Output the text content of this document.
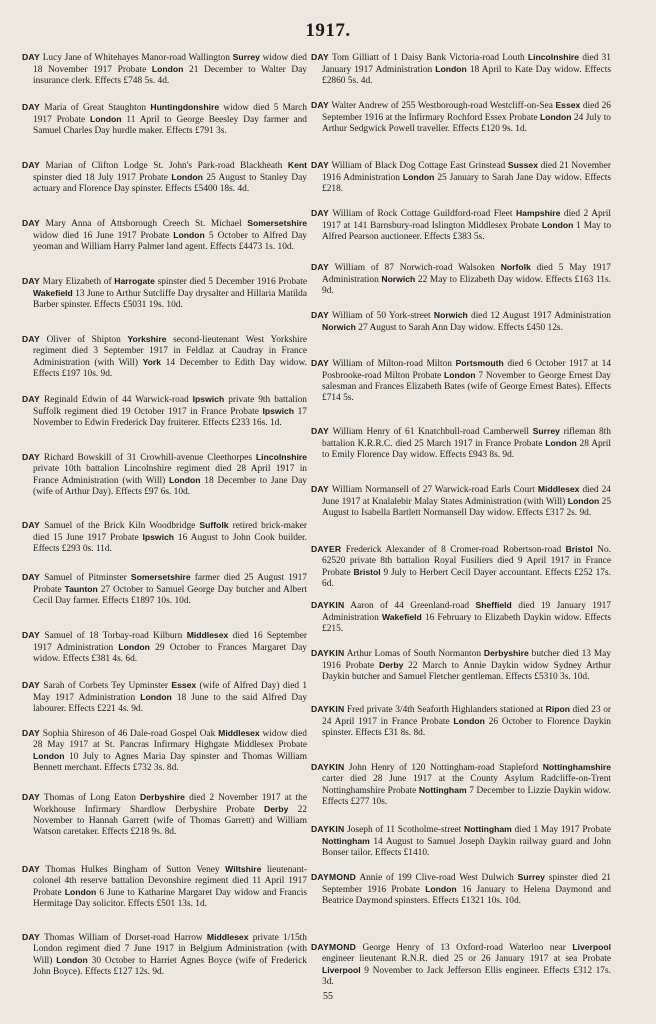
1917.
DAY Lucy Jane of Whitehayes Manor-road Wallington Surrey widow died 18 November 1917 Probate London 21 December to Walter Day insurance clerk. Effects £748 5s. 4d.
DAY Maria of Great Staughton Huntingdonshire widow died 5 March 1917 Probate London 11 April to George Beesley Day farmer and Samuel Charles Day hurdle maker. Effects £791 3s.
DAY Marian of Clifton Lodge St. John's Park-road Blackheath Kent spinster died 18 July 1917 Probate London 25 August to Stanley Day actuary and Florence Day spinster. Effects £5400 18s. 4d.
DAY Mary Anna of Attsborough Creech St. Michael Somersetshire widow died 16 June 1917 Probate London 5 October to Alfred Day yeoman and William Harry Palmer land agent. Effects £4473 1s. 10d.
DAY Mary Elizabeth of Harrogate spinster died 5 December 1916 Probate Wakefield 13 June to Arthur Sutcliffe Day drysalter and Hillaria Matilda Barber spinster. Effects £5031 19s. 10d.
DAY Oliver of Shipton Yorkshire second-lieutenant West Yorkshire regiment died 3 September 1917 in Feldlaz at Caudray in France Administration (with Will) York 14 December to Edith Day widow. Effects £197 10s. 9d.
DAY Reginald Edwin of 44 Warwick-road Ipswich private 9th battalion Suffolk regiment died 19 October 1917 in France Probate Ipswich 17 November to Edwin Frederick Day fruiterer. Effects £233 16s. 1d.
DAY Richard Bowskill of 31 Crowhill-avenue Cleethorpes Lincolnshire private 10th battalion Lincolnshire regiment died 28 April 1917 in France Administration (with Will) London 18 December to Jane Day (wife of Arthur Day). Effects £97 6s. 10d.
DAY Samuel of the Brick Kiln Woodbridge Suffolk retired brick-maker died 15 June 1917 Probate Ipswich 16 August to John Cook builder. Effects £293 0s. 11d.
DAY Samuel of Pitminster Somersetshire farmer died 25 August 1917 Probate Taunton 27 October to Samuel George Day butcher and Albert Cecil Day farmer. Effects £1897 10s. 10d.
DAY Samuel of 18 Torbay-road Kilburn Middlesex died 16 September 1917 Administration London 29 October to Frances Margaret Day widow. Effects £381 4s. 6d.
DAY Sarah of Corbets Tey Upminster Essex (wife of Alfred Day) died 1 May 1917 Administration London 18 June to the said Alfred Day labourer. Effects £221 4s. 9d.
DAY Sophia Shireson of 46 Dale-road Gospel Oak Middlesex widow died 28 May 1917 at St. Pancras Infirmary Highgate Middlesex Probate London 10 July to Agnes Maria Day spinster and Thomas William Bennett merchant. Effects £732 3s. 8d.
DAY Thomas of Long Eaton Derbyshire died 2 November 1917 at the Workhouse Infirmary Shardlow Derbyshire Probate Derby 22 November to Hannah Garrett (wife of Thomas Garrett) and William Watson caretaker. Effects £218 9s. 8d.
DAY Thomas Hulkes Bingham of Sutton Veney Wiltshire lieutenant-colonel 4th reserve battalion Devonshire regiment died 11 April 1917 Probate London 6 June to Katharine Margaret Day widow and Francis Hermitage Day solicitor. Effects £501 13s. 1d.
DAY Thomas William of Dorset-road Harrow Middlesex private 1/15th London regiment died 7 June 1917 in Belgium Administration (with Will) London 30 October to Harriet Agnes Boyce (wife of Frederick John Boyce). Effects £127 12s. 9d.
DAY Tom Gilliatt of 1 Daisy Bank Victoria-road Louth Lincolnshire died 31 January 1917 Administration London 18 April to Kate Day widow. Effects £2860 5s. 4d.
DAY Walter Andrew of 255 Westborough-road Westcliff-on-Sea Essex died 26 September 1916 at the Infirmary Rochford Essex Probate London 24 July to Arthur Sedgwick Powell traveller. Effects £120 9s. 1d.
DAY William of Black Dog Cottage East Grinstead Sussex died 21 November 1916 Administration London 25 January to Sarah Jane Day widow. Effects £218.
DAY William of Rock Cottage Guildford-road Fleet Hampshire died 2 April 1917 at 141 Barnsbury-road Islington Middlesex Probate London 1 May to Alfred Pearson auctioneer. Effects £383 5s.
DAY William of 87 Norwich-road Walsoken Norfolk died 5 May 1917 Administration Norwich 22 May to Elizabeth Day widow. Effects £163 11s. 9d.
DAY William of 50 York-street Norwich died 12 August 1917 Administration Norwich 27 August to Sarah Ann Day widow. Effects £450 12s.
DAY William of Milton-road Milton Portsmouth died 6 October 1917 at 14 Posbrooke-road Milton Probate London 7 November to George Ernest Day salesman and Frances Elizabeth Bates (wife of George Ernest Bates). Effects £714 5s.
DAY William Henry of 61 Knatchbull-road Camberwell Surrey rifleman 8th battalion K.R.R.C. died 25 March 1917 in France Probate London 28 April to Emily Florence Day widow. Effects £943 8s. 9d.
DAY William Normansell of 27 Warwick-road Earls Court Middlesex died 24 June 1917 at Knalalebir Malay States Administration (with Will) London 25 August to Isabella Bartlett Normansell Day widow. Effects £317 2s. 9d.
DAYER Frederick Alexander of 8 Cromer-road Robertson-road Bristol No. 62520 private 8th battalion Royal Fusiliers died 9 April 1917 in France Probate Bristol 9 July to Herbert Cecil Dayer accountant. Effects £252 17s. 6d.
DAYKIN Aaron of 44 Greenland-road Sheffield died 19 January 1917 Administration Wakefield 16 February to Elizabeth Daykin widow. Effects £215.
DAYKIN Arthur Lomas of South Normanton Derbyshire butcher died 13 May 1916 Probate Derby 22 March to Annie Daykin widow Sydney Arthur Daykin butcher and Samuel Fletcher gentleman. Effects £5310 3s. 10d.
DAYKIN Fred private 3/4th Seaforth Highlanders stationed at Ripon died 23 or 24 April 1917 in France Probate London 26 October to Florence Daykin spinster. Effects £31 8s. 8d.
DAYKIN John Henry of 120 Nottingham-road Stapleford Nottinghamshire carter died 28 June 1917 at the County Asylum Radcliffe-on-Trent Nottinghamshire Probate Nottingham 7 December to Lizzie Daykin widow. Effects £277 10s.
DAYKIN Joseph of 11 Scotholme-street Nottingham died 1 May 1917 Probate Nottingham 14 August to Samuel Joseph Daykin railway guard and John Bonser tailor. Effects £1410.
DAYMOND Annie of 199 Clive-road West Dulwich Surrey spinster died 21 September 1916 Probate London 16 January to Helena Daymond and Beatrice Daymond spinsters. Effects £1321 10s. 10d.
DAYMOND George Henry of 13 Oxford-road Waterloo near Liverpool engineer lieutenant R.N.R. died 25 or 26 January 1917 at sea Probate Liverpool 9 November to Jack Jefferson Ellis engineer. Effects £312 17s. 3d.
55
